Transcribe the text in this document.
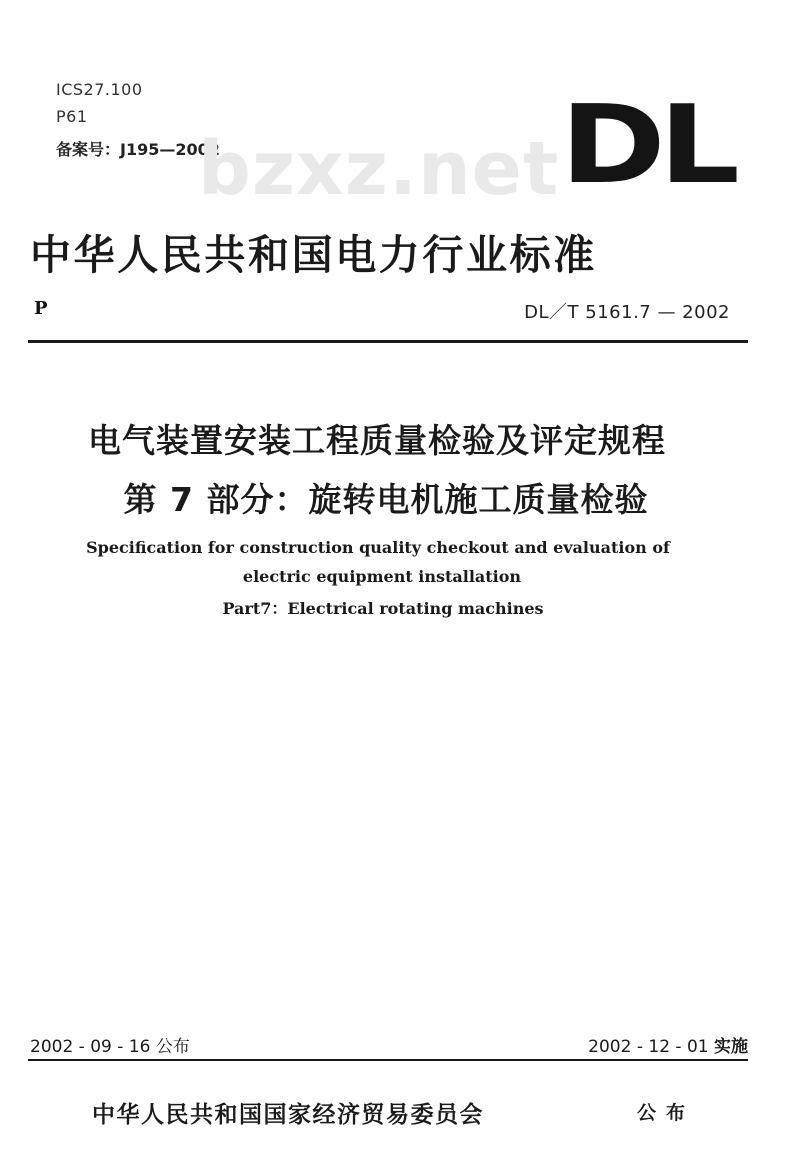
ICS27.100
P61
备案号：J195—2002
bzxz.net DL
中华人民共和国电力行业标准
P	DL／T 5161.7 — 2002
电气装置安装工程质量检验及评定规程
第 7 部分：旋转电机施工质量检验
Specification for construction quality checkout and evaluation of
electric equipment installation
Part7：Electrical rotating machines
2002 - 09 - 16 公布	2002 - 12 - 01 实施
中华人民共和国国家经济贸易委员会	公布
